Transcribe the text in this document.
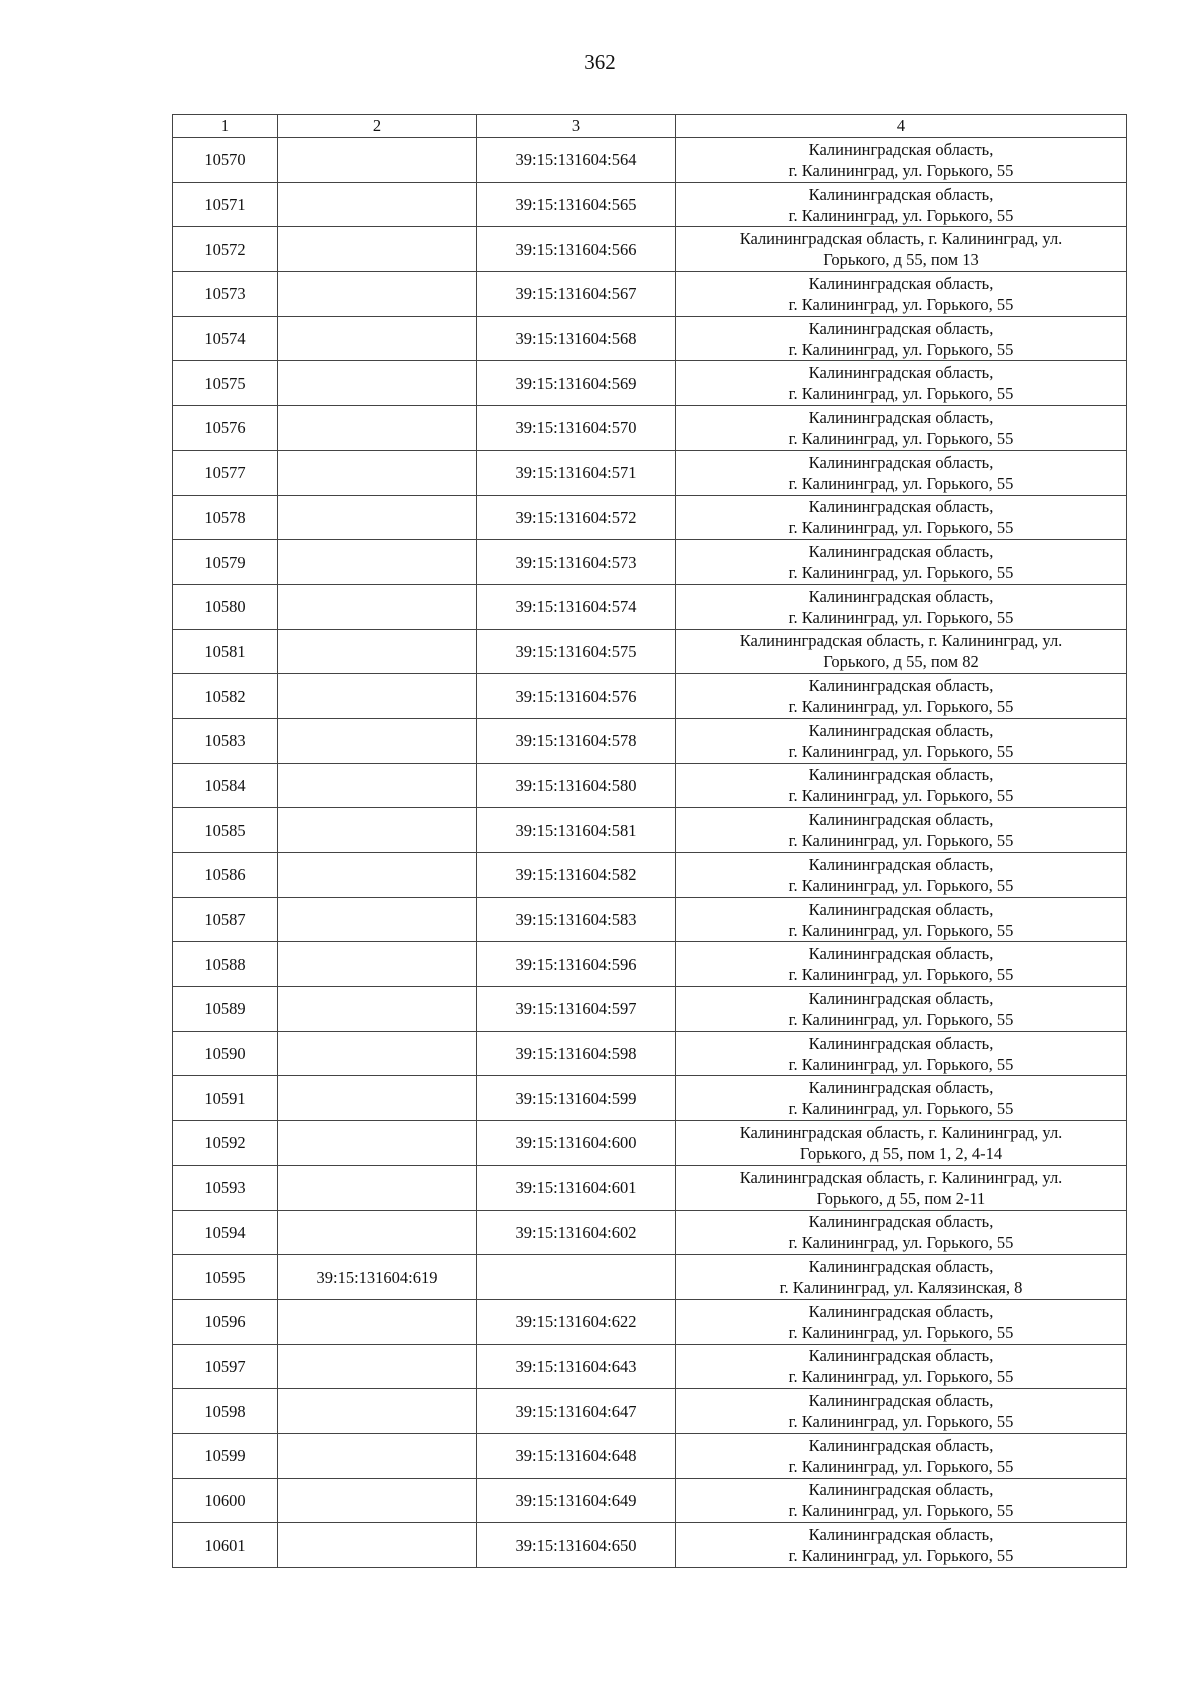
362
1	2	3	4
10570		39:15:131604:564	Калининградская область,
г. Калининград, ул. Горького, 55

10571		39:15:131604:565	Калининградская область,
г. Калининград, ул. Горького, 55

10572		39:15:131604:566	Калининградская область, г. Калининград, ул.
Горького, д 55, пом 13

10573		39:15:131604:567	Калининградская область,
г. Калининград, ул. Горького, 55

10574		39:15:131604:568	Калининградская область,
г. Калининград, ул. Горького, 55

10575		39:15:131604:569	Калининградская область,
г. Калининград, ул. Горького, 55

10576		39:15:131604:570	Калининградская область,
г. Калининград, ул. Горького, 55

10577		39:15:131604:571	Калининградская область,
г. Калининград, ул. Горького, 55

10578		39:15:131604:572	Калининградская область,
г. Калининград, ул. Горького, 55

10579		39:15:131604:573	Калининградская область,
г. Калининград, ул. Горького, 55

10580		39:15:131604:574	Калининградская область,
г. Калининград, ул. Горького, 55

10581		39:15:131604:575	Калининградская область, г. Калининград, ул.
Горького, д 55, пом 82

10582		39:15:131604:576	Калининградская область,
г. Калининград, ул. Горького, 55

10583		39:15:131604:578	Калининградская область,
г. Калининград, ул. Горького, 55

10584		39:15:131604:580	Калининградская область,
г. Калининград, ул. Горького, 55

10585		39:15:131604:581	Калининградская область,
г. Калининград, ул. Горького, 55

10586		39:15:131604:582	Калининградская область,
г. Калининград, ул. Горького, 55

10587		39:15:131604:583	Калининградская область,
г. Калининград, ул. Горького, 55

10588		39:15:131604:596	Калининградская область,
г. Калининград, ул. Горького, 55

10589		39:15:131604:597	Калининградская область,
г. Калининград, ул. Горького, 55

10590		39:15:131604:598	Калининградская область,
г. Калининград, ул. Горького, 55

10591		39:15:131604:599	Калининградская область,
г. Калининград, ул. Горького, 55

10592		39:15:131604:600	Калининградская область, г. Калининград, ул.
Горького, д 55, пом 1, 2, 4-14

10593		39:15:131604:601	Калининградская область, г. Калининград, ул.
Горького, д 55, пом 2-11

10594		39:15:131604:602	Калининградская область,
г. Калининград, ул. Горького, 55

10595	39:15:131604:619		Калининградская область,
г. Калининград, ул. Калязинская, 8

10596		39:15:131604:622	Калининградская область,
г. Калининград, ул. Горького, 55

10597		39:15:131604:643	Калининградская область,
г. Калининград, ул. Горького, 55

10598		39:15:131604:647	Калининградская область,
г. Калининград, ул. Горького, 55

10599		39:15:131604:648	Калининградская область,
г. Калининград, ул. Горького, 55

10600		39:15:131604:649	Калининградская область,
г. Калининград, ул. Горького, 55

10601		39:15:131604:650	Калининградская область,
г. Калининград, ул. Горького, 55
